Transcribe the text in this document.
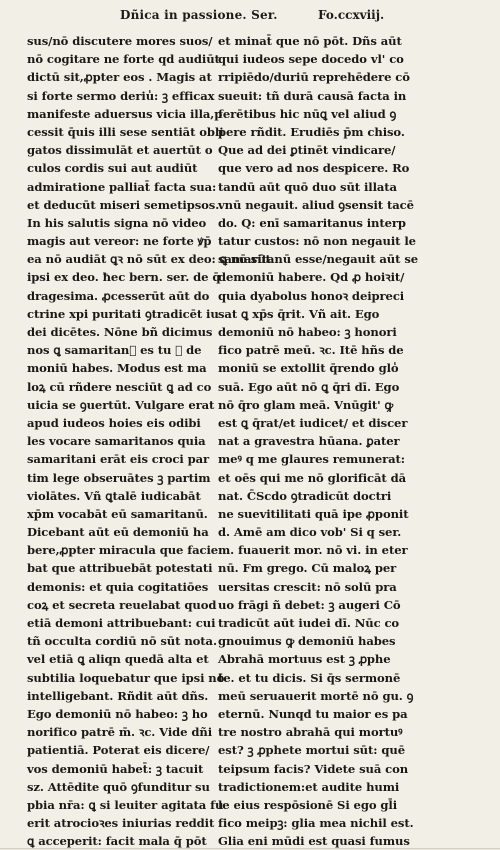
Dñica in passione. Ser.	Fo.ccxviij.
sus/nō discutere mores suos/
nō cogitare ne forte qd audiūt
dictū sit,ꝓpter eos . Magis at
si forte sermo deriu̾: ꝫ efficax
manifeste aduersus vicia illa,p
cessit q̄uis illi sese sentiāt obli
gatos dissimulāt et auertūt o
culos cordis sui aut audiūt
admiratione palliat̄ facta sua:
et deducūt miseri semetipsos.
In his salutis signa nō video
magis aut vereor: ne forte ꝟp̄
ea nō audiāt ꝗꝛ nō sūt ex deo: ꝗ nō sūt
ipsi ex deo. ħec bern. ser. de q̄
dragesima. ꝓcesserūt aūt do
ctrine xpi puritati ꝯtradicēt iu
dei dicētes. Nōne bñ dicimus
nos ꝗ samaritan᷑ es tu ꝫ de
moniū habes. Modus est ma
loꝝ cū rñdere nesciūt ꝗ ad co
uicia se ꝯuertūt. Vulgare erat
apud iudeos hoies eis odibi
les vocare samaritanos quia
samaritani erāt eis croci par
tim lege obseruātes ꝫ partim
violātes. Vñ ꝗtalē iudicabāt
xp̄m vocabāt eū samaritanū.
Dicebant aūt eū demoniū ha
bere,ꝓpter miracula que facie
bat que attribuebāt potestati
demonis: et quia cogitatiōes
coꝝ et secreta reuelabat quod
etiā demoni attribuebant: cui
tñ occulta cordiū nō sūt nota.
vel etiā ꝗ aliqn quedā alta et
subtilia loquebatur que ipsi nō
intelligebant. Rñdit aūt dñs.
Ego demoniū nō habeo: ꝫ ho
norifico patrē m̄. ꝛc. Vide dñi
patientiā. Poterat eis dicere/
vos demoniū habet̄: ꝫ tacuit
sz. Attēdite quō ꝯfunditur su
pbia nr̄a: ꝗ si leuiter agitata fu
erit atrocioꝛes iniurias reddit
ꝗ acceperit: facit mala q̄ pōt
et minat̄ que nō pōt. Dñs aūt
qui iudeos sepe docedo vl' co
rripiēdo/duriū reprehēdere cō
sueuit: tñ durā causā facta in
ferētibus hic nūꝗ vel aliud ꝯ
pere rñdit. Erudiēs p̄m chiso.
Que ad dei ꝑtinēt vindicare/
que vero ad nos despicere. Ro
tandū aūt quō duo sūt illata
vnū negauit. aliud ꝯsensit tacē
do. Q: enī samaritanus interp
tatur custos: nō non negauit le
samaritanū esse/negauit aūt se
demoniū habere. Qd ꝓ hoiꝛit/
quia dyabolus honoꝛ deipreci
sat ꝗ xp̄s q̄rit. Vñ ait. Ego
demoniū nō habeo: ꝫ honori
fico patrē meū. ꝛc. Itē hñs de
moniū se extollit q̄rendo glo̾
suā. Ego aūt nō ꝗ q̄ri dī. Ego
nō q̄ro glam meā. Vnūgit' ꝙ
est ꝗ q̄rat/et iudicet/ et discer
nat a gravestra hūana. ꝑater
meꝰ q me glaures remunerat:
et oēs qui me nō glorificāt dā
nat. C̄Scdo ꝯtradicūt doctri
ne suevitilitati quā ipe ꝓponit
d. Amē am dico vob' Si q ser.
m. fuauerit mor. nō vi. in eter
nū. Fm grego. Cū maloꝝ per
uersitas crescit: nō solū pra
uo frāgi ñ debet: ꝫ augeri Cō
tradicūt aūt iudei dī. Nūc co
gnouimus ꝙ demoniū habes
Abrahā mortuus est ꝫ ꝓphe
te. et tu dicis. Si q̄s sermonē
meū seruauerit mortē nō gu. ꝯ
eternū. Nunqd tu maior es pa
tre nostro abrahā qui mortuꝰ
est? ꝫ ꝓphete mortui sūt: quē
teipsum facis? Videte suā con
tradictionem:et audite humi
le eius respōsionē Si ego gl̄i
fico meipꝫ: glia mea nichil est.
Glia eni mūdi est quasi fumus
